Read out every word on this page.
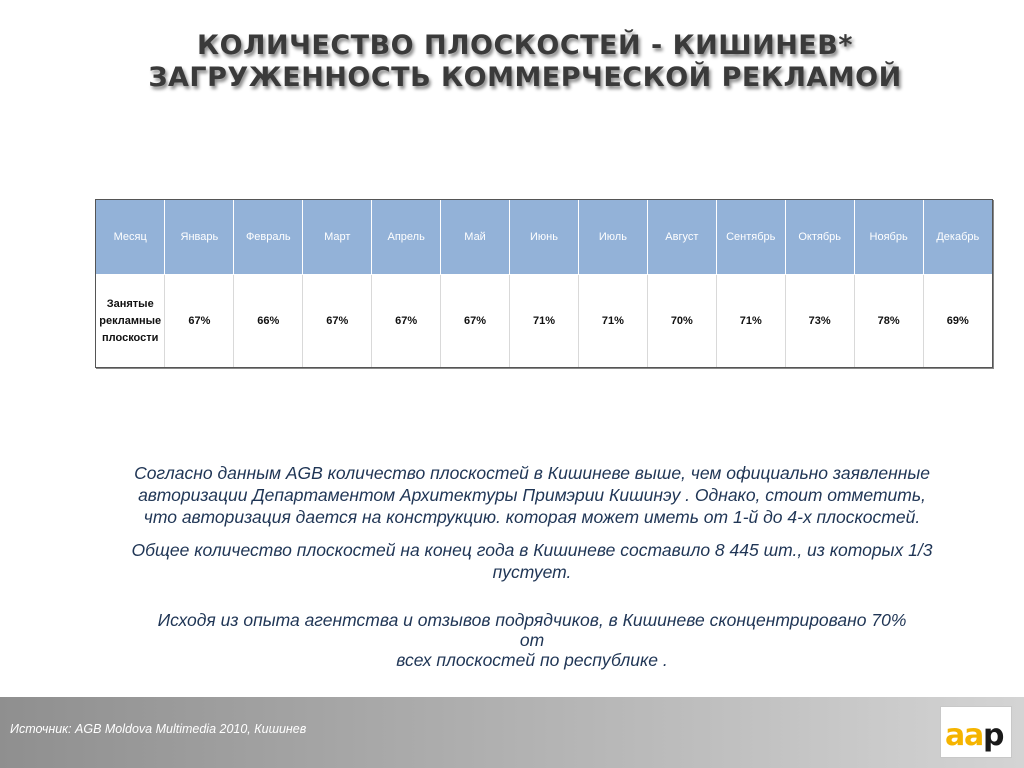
КОЛИЧЕСТВО ПЛОСКОСТЕЙ - КИШИНЕВ*
ЗАГРУЖЕННОСТЬ КОММЕРЧЕСКОЙ РЕКЛАМОЙ
Месяц	Январь	Февраль	Март	Апрель	Май	Июнь	Июль	Август	Сентябрь	Октябрь	Ноябрь	Декабрь

Занятые
рекламные
плоскости	67%	66%	67%	67%	67%	71%	71%	70%	71%	73%	78%	69%
Согласно данным AGB количество плоскостей в Кишиневе выше, чем официально заявленные
авторизации Департаментом Архитектуры Примэрии Кишинэу . Однако, стоит отметить,
что авторизация дается на конструкцию. которая может иметь от 1-й до 4-х плоскостей.
Общее количество плоскостей на конец года в Кишиневе составило 8 445 шт., из которых 1/3
пустует.
Исходя из опыта агентства и отзывов подрядчиков, в Кишиневе сконцентрировано 70%
от
всех плоскостей по республике .
Источник: AGB Moldova Multimedia 2010, Кишинев	a
a
p
